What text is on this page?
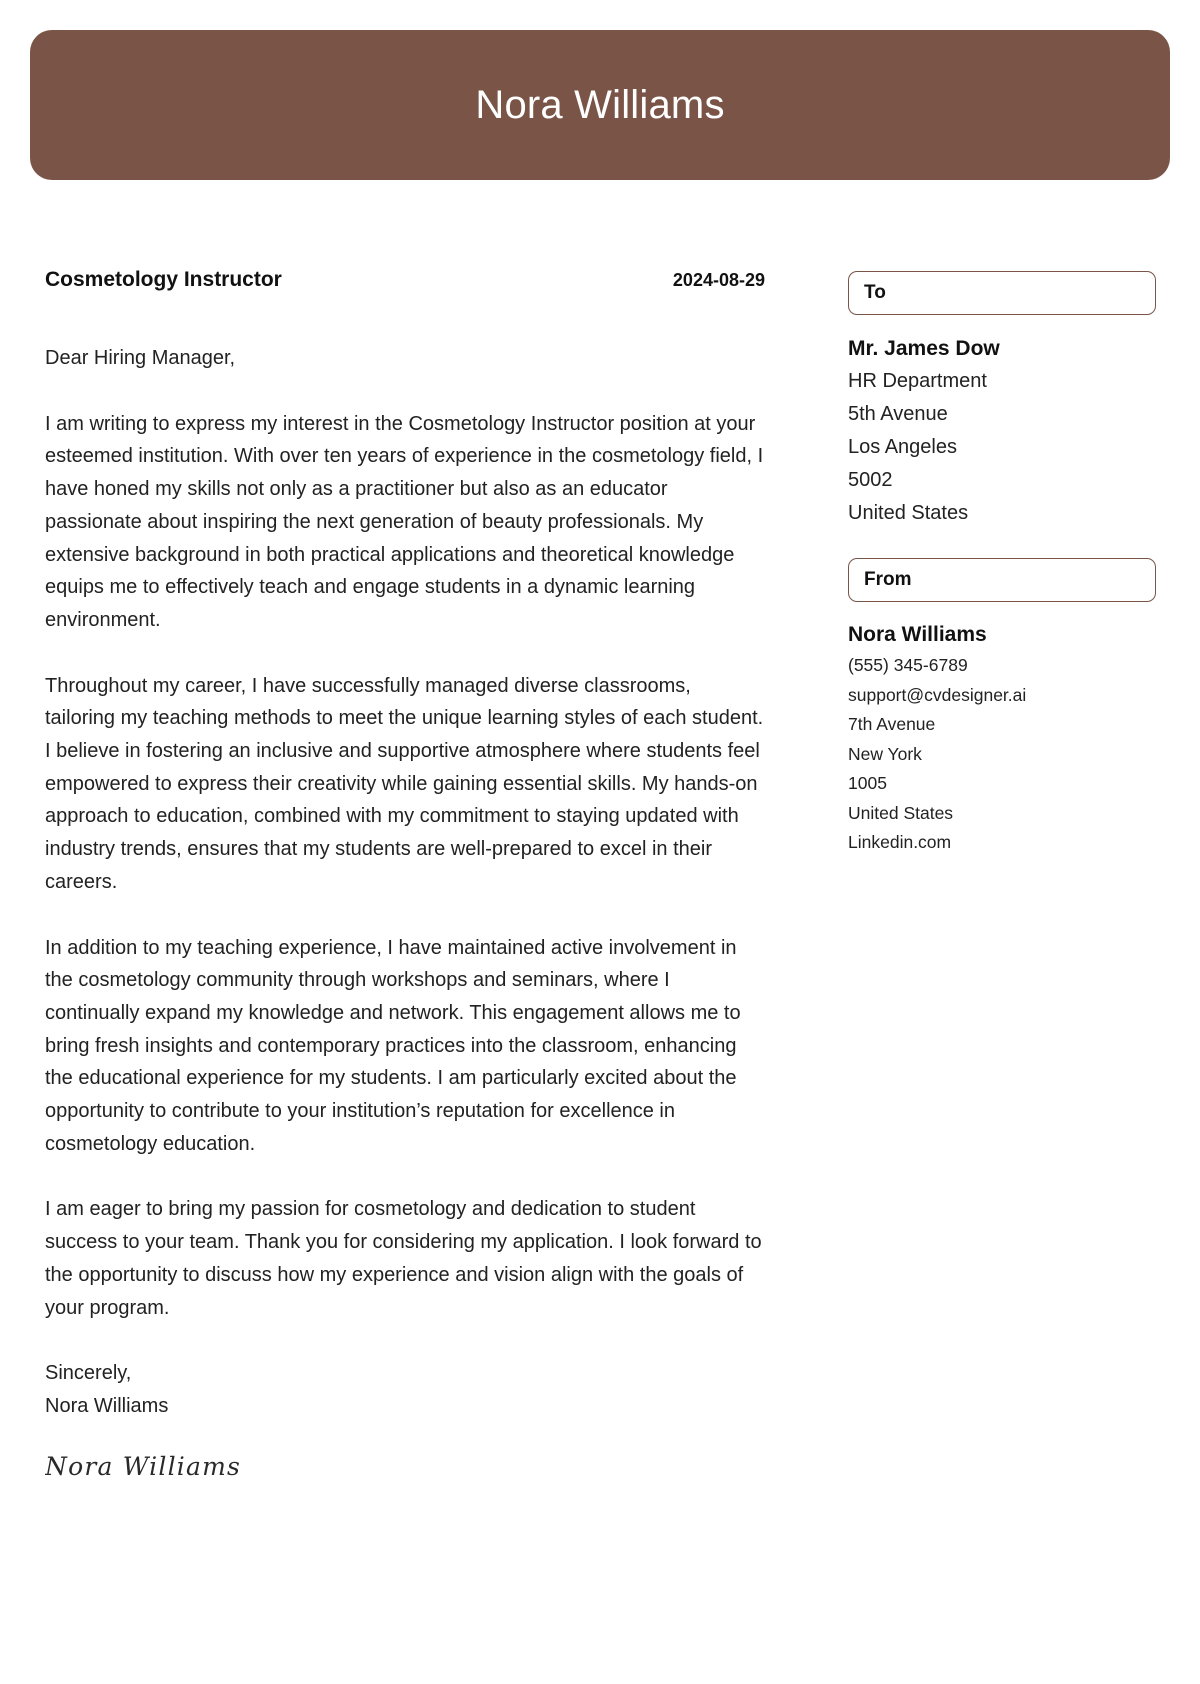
Nora Williams
Cosmetology Instructor	2024-08-29

Dear Hiring Manager,

I am writing to express my interest in the Cosmetology Instructor position at your esteemed institution. With over ten years of experience in the cosmetology field, I have honed my skills not only as a practitioner but also as an educator passionate about inspiring the next generation of beauty professionals. My extensive background in both practical applications and theoretical knowledge equips me to effectively teach and engage students in a dynamic learning environment.

Throughout my career, I have successfully managed diverse classrooms, tailoring my teaching methods to meet the unique learning styles of each student. I believe in fostering an inclusive and supportive atmosphere where students feel empowered to express their creativity while gaining essential skills. My hands-on approach to education, combined with my commitment to staying updated with industry trends, ensures that my students are well-prepared to excel in their careers.

In addition to my teaching experience, I have maintained active involvement in the cosmetology community through workshops and seminars, where I continually expand my knowledge and network. This engagement allows me to bring fresh insights and contemporary practices into the classroom, enhancing the educational experience for my students. I am particularly excited about the opportunity to contribute to your institution’s reputation for excellence in cosmetology education.

I am eager to bring my passion for cosmetology and dedication to student success to your team. Thank you for considering my application. I look forward to the opportunity to discuss how my experience and vision align with the goals of your program.

Sincerely,
Nora Williams
Nora Williams
To
Mr. James Dow
HR Department
5th Avenue
Los Angeles
5002
United States
From
Nora Williams
(555) 345-6789
support@cvdesigner.ai
7th Avenue
New York
1005
United States
Linkedin.com
